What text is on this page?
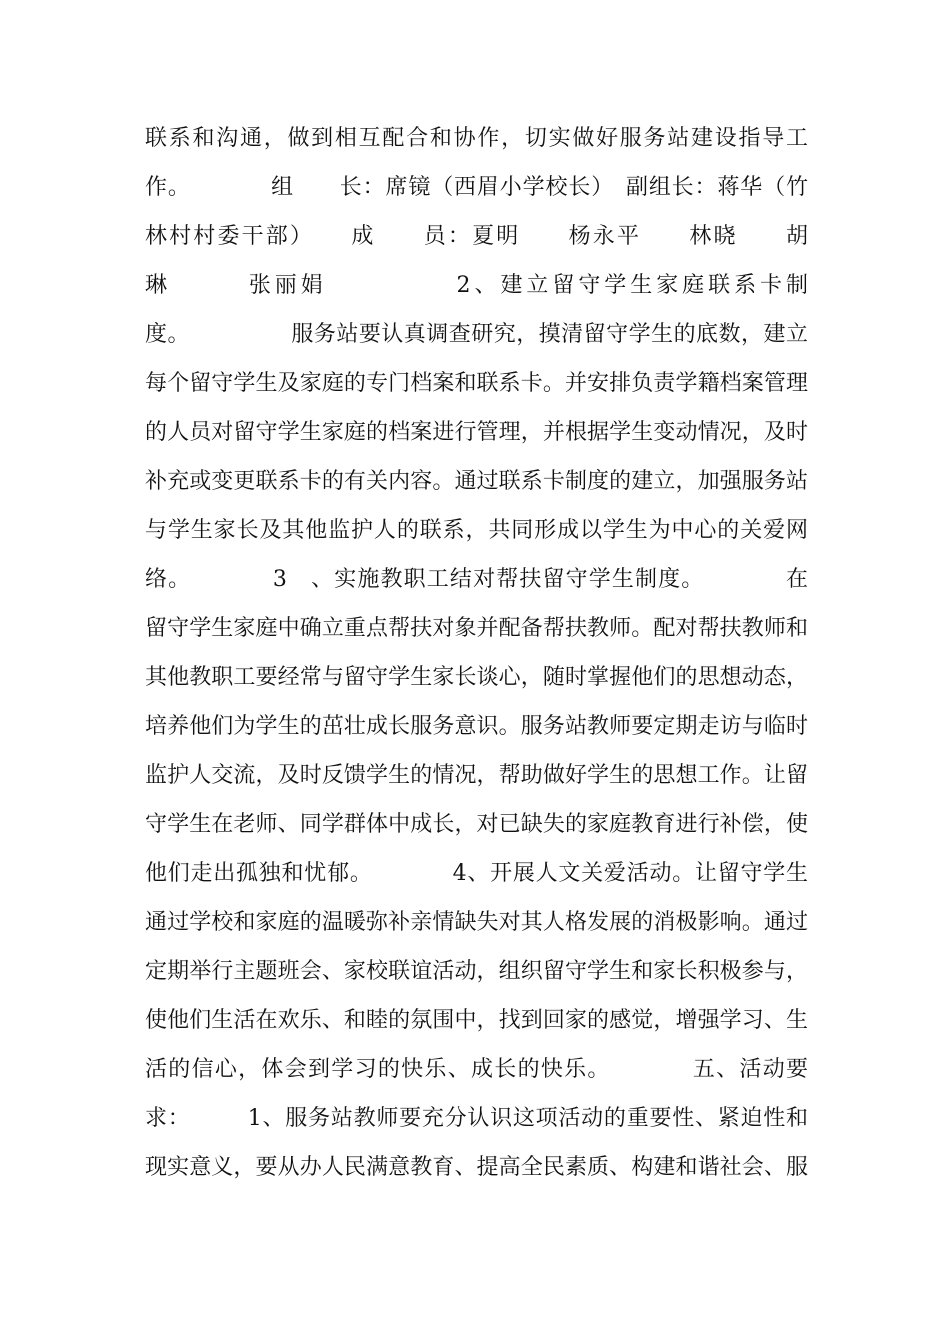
联系和沟通，做到相互配合和协作，切实做好服务站建设指导工
作。　　　　组　　长：席镜（西眉小学校长）　副组长：蒋华（竹
林村村委干部）　　成　　员：夏明　　杨永平　　林晓　　胡
琳　　　张丽娟　　　　　2、建立留守学生家庭联系卡制
度。　　　　　服务站要认真调查研究，摸清留守学生的底数，建立
每个留守学生及家庭的专门档案和联系卡。并安排负责学籍档案管理
的人员对留守学生家庭的档案进行管理，并根据学生变动情况，及时
补充或变更联系卡的有关内容。通过联系卡制度的建立，加强服务站
与学生家长及其他监护人的联系，共同形成以学生为中心的关爱网
络。　　　　3　、实施教职工结对帮扶留守学生制度。　　　　在
留守学生家庭中确立重点帮扶对象并配备帮扶教师。配对帮扶教师和
其他教职工要经常与留守学生家长谈心，随时掌握他们的思想动态，
培养他们为学生的茁壮成长服务意识。服务站教师要定期走访与临时
监护人交流，及时反馈学生的情况，帮助做好学生的思想工作。让留
守学生在老师、同学群体中成长，对已缺失的家庭教育进行补偿，使
他们走出孤独和忧郁。　　　　4、开展人文关爱活动。让留守学生
通过学校和家庭的温暖弥补亲情缺失对其人格发展的消极影响。通过
定期举行主题班会、家校联谊活动，组织留守学生和家长积极参与，
使他们生活在欢乐、和睦的氛围中，找到回家的感觉，增强学习、生
活的信心，体会到学习的快乐、成长的快乐。　　　　五、活动要
求：　　　1、服务站教师要充分认识这项活动的重要性、紧迫性和
现实意义，要从办人民满意教育、提高全民素质、构建和谐社会、服
